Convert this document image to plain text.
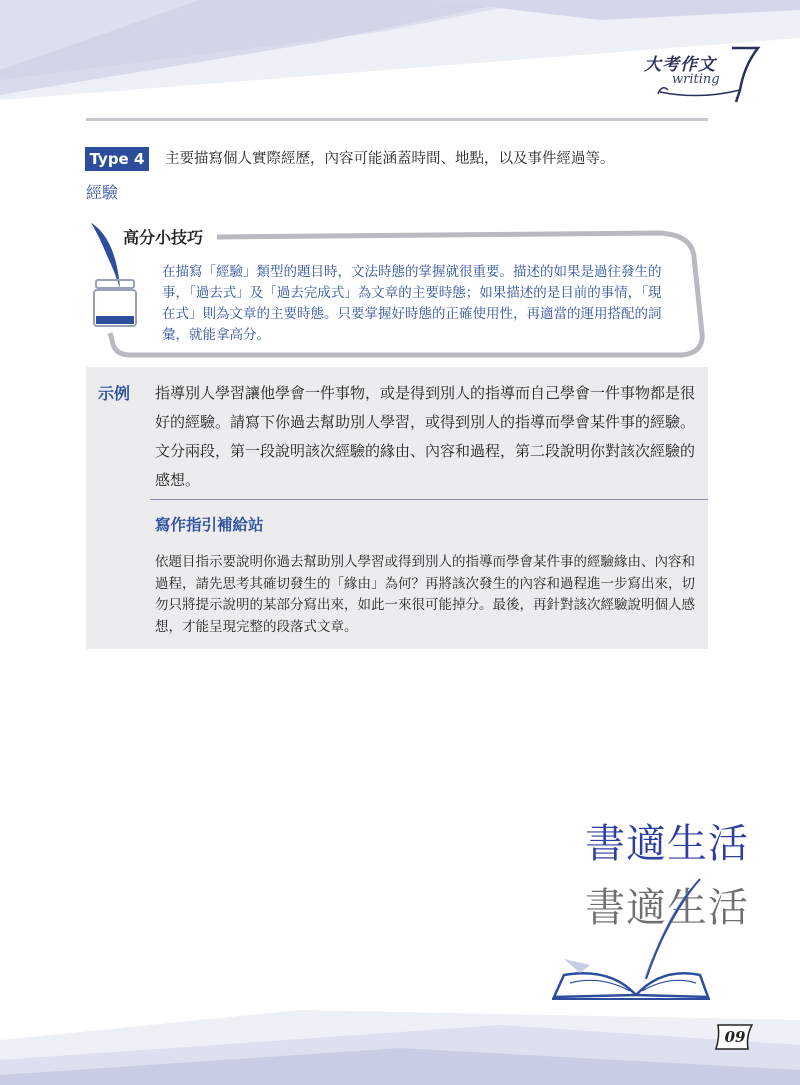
大考作文
writing
Type 4
經驗
主要描寫個人實際經歷，內容可能涵蓋時間、地點，以及事件經過等。
高分小技巧
在描寫「經驗」類型的題目時，文法時態的掌握就很重要。描述的如果是過往發生的事，「過去式」及「過去完成式」為文章的主要時態；如果描述的是目前的事情，「現在式」則為文章的主要時態。只要掌握好時態的正確使用性，再適當的運用搭配的詞彙，就能拿高分。
示例 指導別人學習讓他學會一件事物，或是得到別人的指導而自己學會一件事物都是很好的經驗。請寫下你過去幫助別人學習，或得到別人的指導而學會某件事的經驗。文分兩段，第一段說明該次經驗的緣由、內容和過程，第二段說明你對該次經驗的感想。
寫作指引補給站
依題目指示要說明你過去幫助別人學習或得到別人的指導而學會某件事的經驗緣由、內容和過程，請先思考其確切發生的「緣由」為何？再將該次發生的內容和過程進一步寫出來，切勿只將提示說明的某部分寫出來，如此一來很可能掉分。最後，再針對該次經驗說明個人感想，才能呈現完整的段落式文章。
書適生活
書適生活
09
